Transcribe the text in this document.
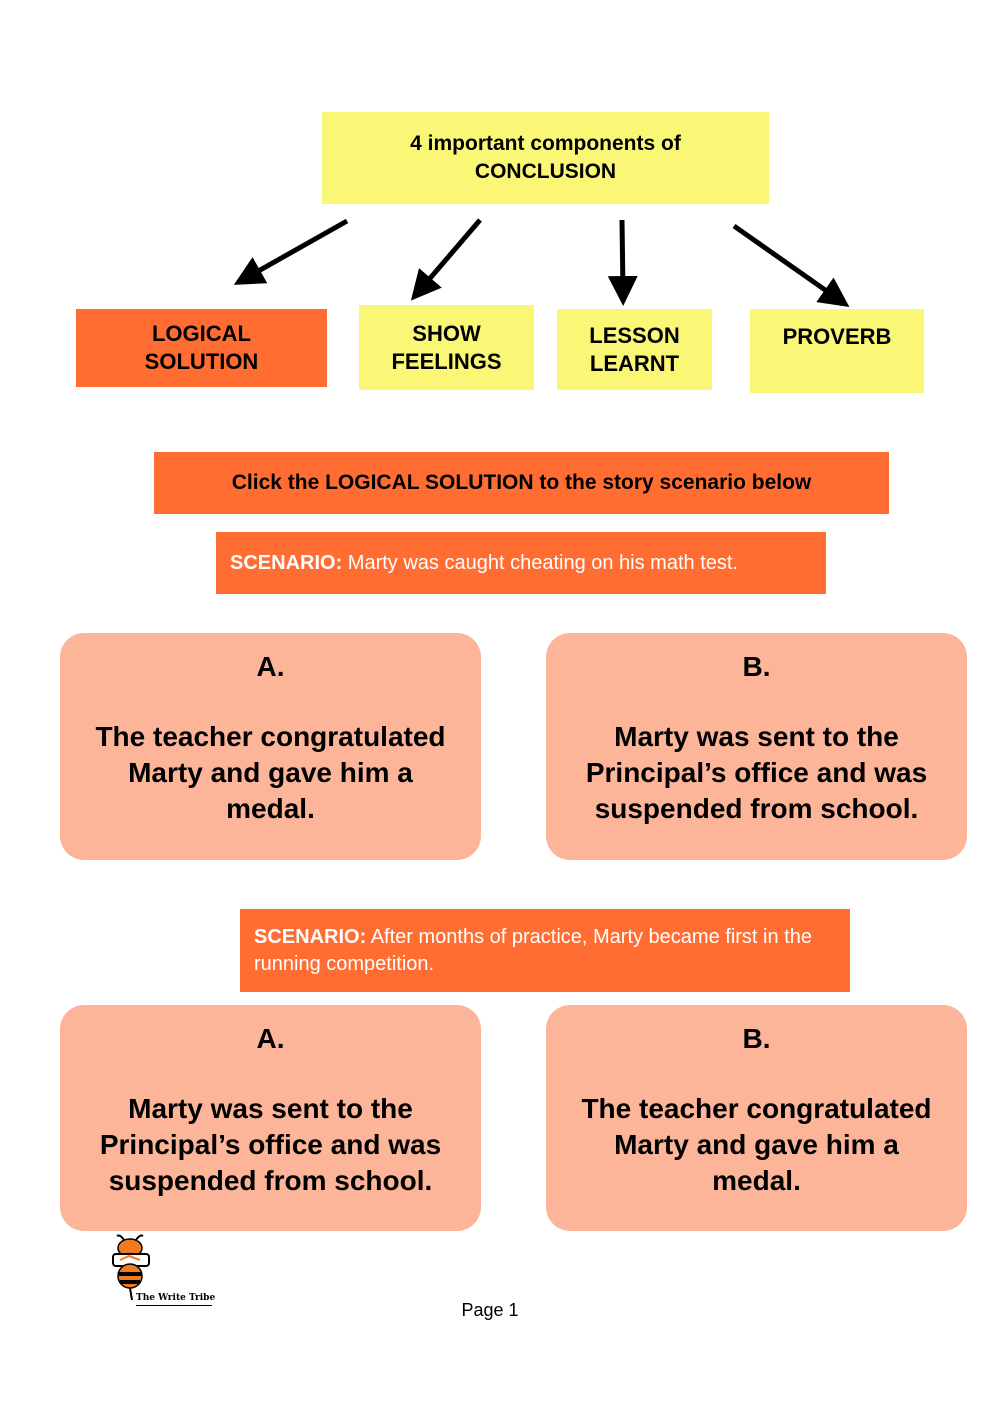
4 important components of
CONCLUSION
LOGICAL
SOLUTION
SHOW
FEELINGS
LESSON
LEARNT
PROVERB
Click the LOGICAL SOLUTION to the story scenario below
SCENARIO: Marty was caught cheating on his math test.
A.
The teacher congratulated
Marty and gave him a
medal.
B.
Marty was sent to the
Principal’s office and was
suspended from school.
SCENARIO: After months of practice, Marty became first in the running competition.
A.
Marty was sent to the
Principal’s office and was
suspended from school.
B.
The teacher congratulated
Marty and gave him a
medal.
The Write Tribe
Page 1
